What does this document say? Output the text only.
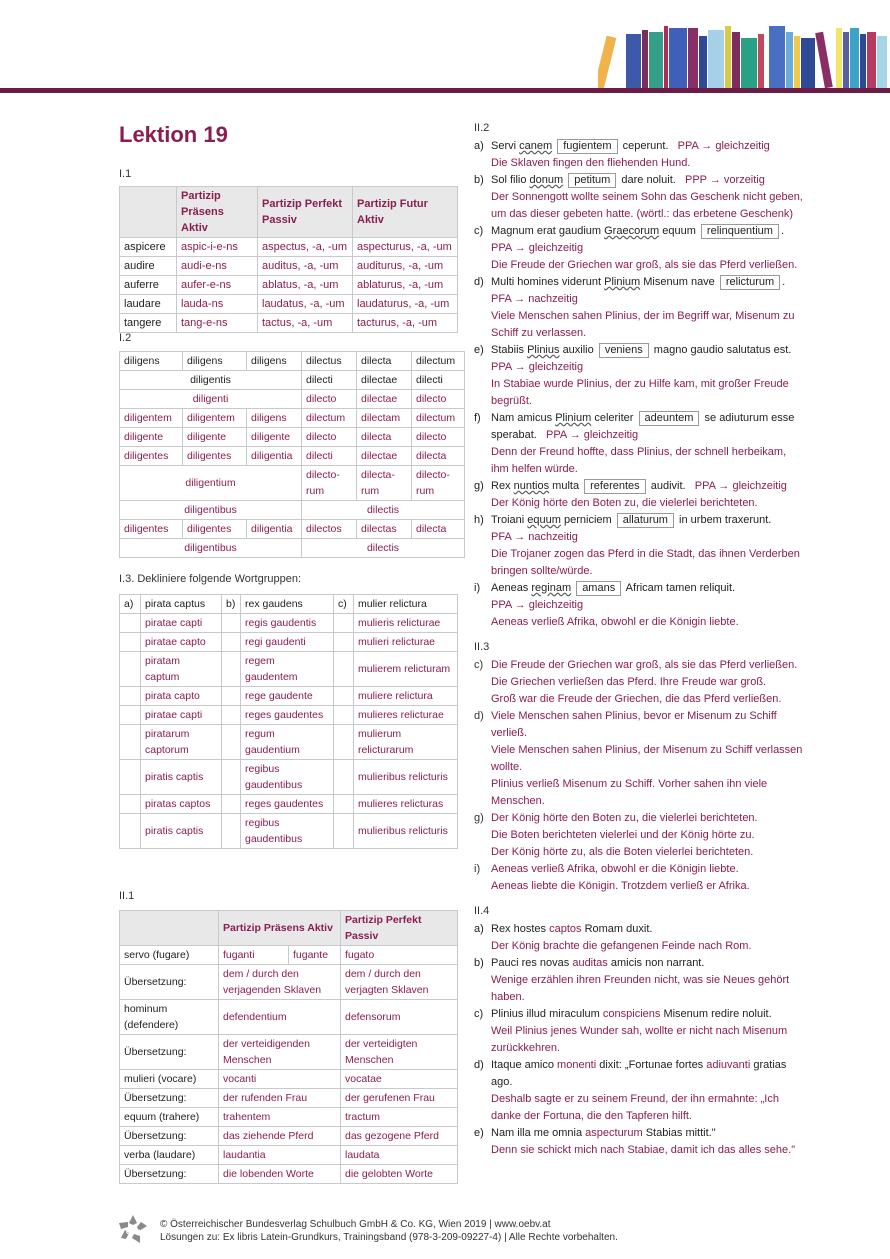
Lektion 19
I.1
	Partizip Präsens Aktiv	Partizip Perfekt Passiv	Partizip Futur Aktiv
aspicere	aspic-i-e-ns	aspectus, -a, -um	aspecturus, -a, -um
audire	audi-e-ns	auditus, -a, -um	auditurus, -a, -um
auferre	aufer-e-ns	ablatus, -a, -um	ablaturus, -a, -um
laudare	lauda-ns	laudatus, -a, -um	laudaturus, -a, -um
tangere	tang-e-ns	tactus, -a, -um	tacturus, -a, -um
I.2
diligens	diligens	diligens	dilectus	dilecta	dilectum
diligentis			dilecti	dilectae	dilecti
diligenti			dilecto	dilectae	dilecto
diligentem	diligentem	diligens	dilectum	dilectam	dilectum
diligente	diligente	diligente	dilecto	dilecta	dilecto
diligentes	diligentes	diligentia	dilecti	dilectae	dilecta
diligentium			dilecto-rum	dilecta-rum	dilecto-rum
diligentibus			dilectis		
diligentes	diligentes	diligentia	dilectos	dilectas	dilecta
diligentibus			dilectis		
I.3. Dekliniere folgende Wortgruppen:
a)	pirata captus	b)	rex gaudens	c)	mulier relictura
	piratae capti		regis gaudentis		mulieris relicturae
	piratae capto		regi gaudenti		mulieri relicturae
	piratam captum		regem gaudentem		mulierem relicturam
	pirata capto		rege gaudente		muliere relictura
	piratae capti		reges gaudentes		mulieres relicturae
	piratarum captorum		regum gaudentium		mulierum relicturarum
	piratis captis		regibus gaudentibus		mulieribus relicturis
	piratas captos		reges gaudentes		mulieres relicturas
	piratis captis		regibus gaudentibus		mulieribus relicturis
II.1
	Partizip Präsens Aktiv		Partizip Perfekt Passiv
servo (fugare)	fuganti	fugante	fugato
Übersetzung:	dem / durch den verjagenden Sklaven		dem / durch den verjagten Sklaven
hominum (defendere)	defendentium		defensorum
Übersetzung:	der verteidigenden Menschen		der verteidigten Menschen
mulieri (vocare)	vocanti		vocatae
Übersetzung:	der rufenden Frau		der gerufenen Frau
equum (trahere)	trahentem		tractum
Übersetzung:	das ziehende Pferd		das gezogene Pferd
verba (laudare)	laudantia		laudata
Übersetzung:	die lobenden Worte		die gelobten Worte
II.2
a) Servi canem fugientem ceperunt. PPA → gleichzeitig
Die Sklaven fingen den fliehenden Hund.
b) Sol filio donum petitum dare noluit. PPP → vorzeitig
Der Sonnengott wollte seinem Sohn das Geschenk nicht geben,
um das dieser gebeten hatte. (wörtl.: das erbetene Geschenk)
c) Magnum erat gaudium Graecorum equum relinquentium .
PPA → gleichzeitig
Die Freude der Griechen war groß, als sie das Pferd verließen.
d) Multi homines viderunt Plinium Misenum nave relicturum .
PFA → nachzeitig
Viele Menschen sahen Plinius, der im Begriff war, Misenum zu
Schiff zu verlassen.
e) Stabiis Plinius auxilio veniens magno gaudio salutatus est.
PPA → gleichzeitig
In Stabiae wurde Plinius, der zu Hilfe kam, mit großer Freude
begrüßt.
f) Nam amicus Plinium celeriter adeuntem se adiuturum esse
sperabat. PPA → gleichzeitig
Denn der Freund hoffte, dass Plinius, der schnell herbeikam,
ihm helfen würde.
g) Rex nuntios multa referentes audivit. PPA → gleichzeitig
Der König hörte den Boten zu, die vielerlei berichteten.
h) Troiani equum perniciem allaturum in urbem traxerunt.
PFA → nachzeitig
Die Trojaner zogen das Pferd in die Stadt, das ihnen Verderben
bringen sollte/würde.
i) Aeneas reginam amans Africam tamen reliquit.
PPA → gleichzeitig
Aeneas verließ Afrika, obwohl er die Königin liebte.
II.3
c) Die Freude der Griechen war groß, als sie das Pferd verließen.
Die Griechen verließen das Pferd. Ihre Freude war groß.
Groß war die Freude der Griechen, die das Pferd verließen.
d) Viele Menschen sahen Plinius, bevor er Misenum zu Schiff
verließ.
Viele Menschen sahen Plinius, der Misenum zu Schiff verlassen
wollte.
Plinius verließ Misenum zu Schiff. Vorher sahen ihn viele
Menschen.
g) Der König hörte den Boten zu, die vielerlei berichteten.
Die Boten berichteten vielerlei und der König hörte zu.
Der König hörte zu, als die Boten vielerlei berichteten.
i) Aeneas verließ Afrika, obwohl er die Königin liebte.
Aeneas liebte die Königin. Trotzdem verließ er Afrika.
II.4
a) Rex hostes captos Romam duxit.
Der König brachte die gefangenen Feinde nach Rom.
b) Pauci res novas auditas amicis non narrant.
Wenige erzählen ihren Freunden nicht, was sie Neues gehört
haben.
c) Plinius illud miraculum conspiciens Misenum redire noluit.
Weil Plinius jenes Wunder sah, wollte er nicht nach Misenum
zurückkehren.
d) Itaque amico monenti dixit: „Fortunae fortes adiuvanti gratias
ago.
Deshalb sagte er zu seinem Freund, der ihn ermahnte: „Ich
danke der Fortuna, die den Tapferen hilft.
e) Nam illa me omnia aspecturum Stabias mittit."
Denn sie schickt mich nach Stabiae, damit ich das alles sehe."
öbv
© Österreichischer Bundesverlag Schulbuch GmbH & Co. KG, Wien 2019 | www.oebv.at
Lösungen zu: Ex libris Latein-Grundkurs, Trainingsband (978-3-209-09227-4) | Alle Rechte vorbehalten.
